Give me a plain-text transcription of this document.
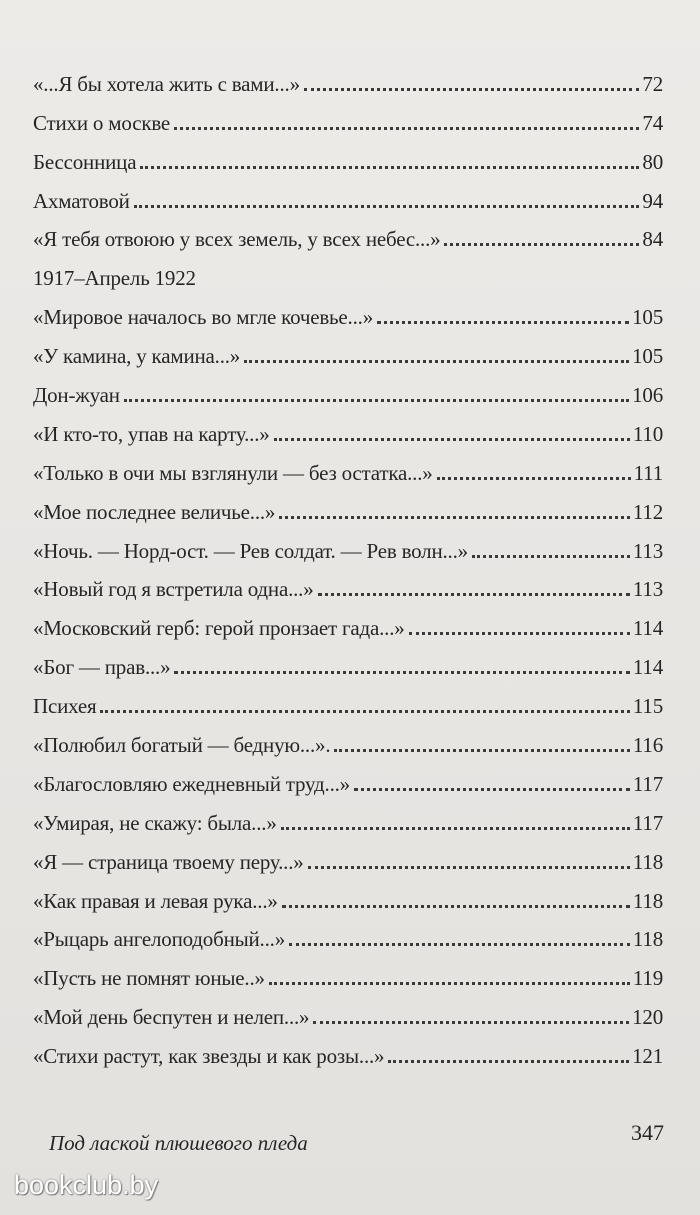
«...Я бы хотела жить с вами...»	72
Стихи о москве	74
Бессонница	80
Ахматовой	94
«Я тебя отвоюю у всех земель, у всех небес...»	84
1917–Апрель 1922
«Мировое началось во мгле кочевье...»	105
«У камина, у камина...»	105
Дон-жуан	106
«И кто-то, упав на карту...»	110
«Только в очи мы взглянули — без остатка...»	111
«Мое последнее величье...»	112
«Ночь. — Норд-ост. — Рев солдат. — Рев волн...»	113
«Новый год я встретила одна...»	113
«Московский герб: герой пронзает гада...»	114
«Бог — прав...»	114
Психея	115
«Полюбил богатый — бедную...».	116
«Благословляю ежедневный труд...»	117
«Умирая, не скажу: была...»	117
«Я — страница твоему перу...»	118
«Как правая и левая рука...»	118
«Рыцарь ангелоподобный...»	118
«Пусть не помнят юные..»	119
«Мой день беспутен и нелеп...»	120
«Стихи растут, как звезды и как розы...»	121
Под лаской плюшевого пледа	347
bookclub.by
